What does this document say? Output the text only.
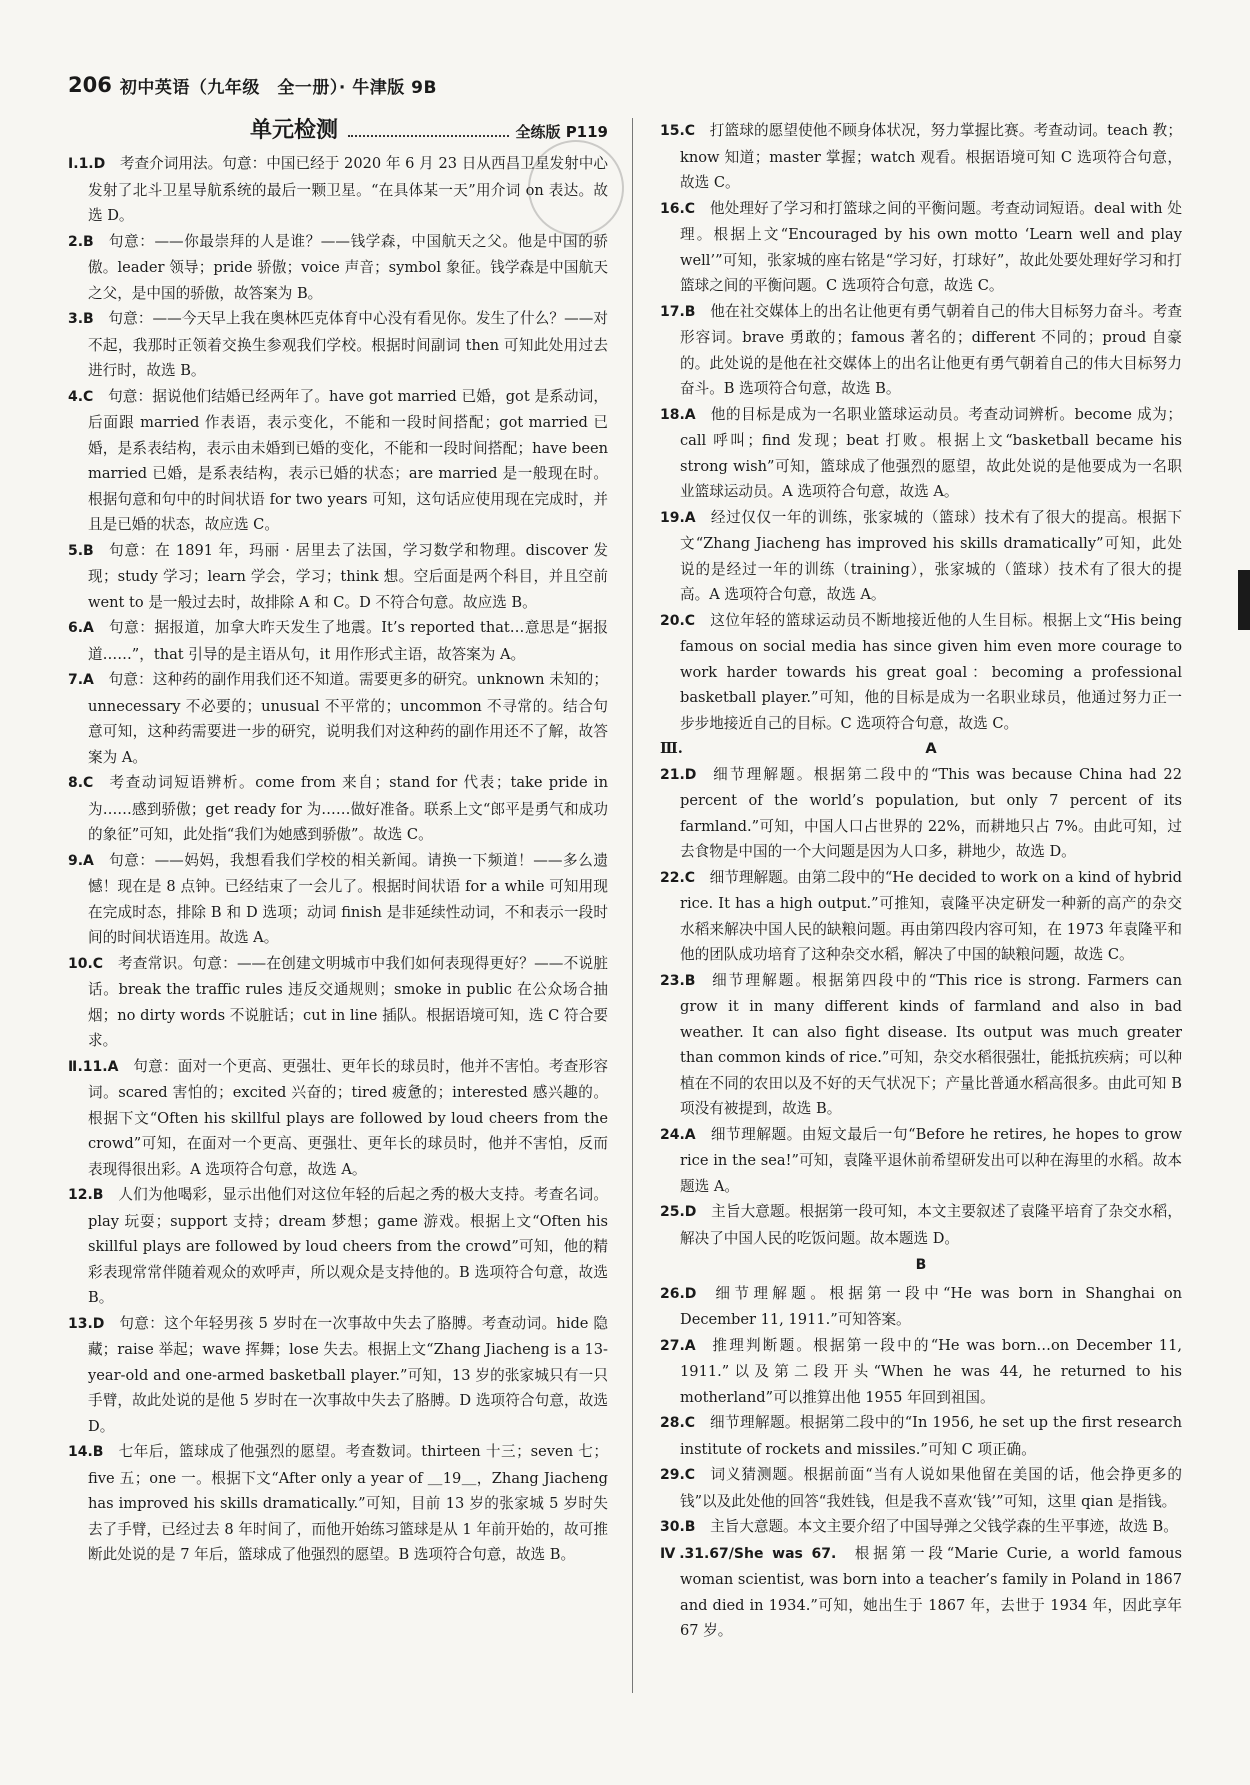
206 初中英语（九年级　全一册）· 牛津版 9B
单元检测	全练版 P119

Ⅰ.1.D 考查介词用法。句意：中国已经于 2020 年 6 月 23 日从西昌卫星发射中心发射了北斗卫星导航系统的最后一颗卫星。“在具体某一天”用介词 on 表达。故选 D。

2.B 句意：——你最崇拜的人是谁？——钱学森，中国航天之父。他是中国的骄傲。leader 领导；pride 骄傲；voice 声音；symbol 象征。钱学森是中国航天之父，是中国的骄傲，故答案为 B。

3.B 句意：——今天早上我在奥林匹克体育中心没有看见你。发生了什么？——对不起，我那时正领着交换生参观我们学校。根据时间副词 then 可知此处用过去进行时，故选 B。

4.C 句意：据说他们结婚已经两年了。have got married 已婚，got 是系动词，后面跟 married 作表语，表示变化，不能和一段时间搭配；got married 已婚，是系表结构，表示由未婚到已婚的变化，不能和一段时间搭配；have been married 已婚，是系表结构，表示已婚的状态；are married 是一般现在时。根据句意和句中的时间状语 for two years 可知，这句话应使用现在完成时，并且是已婚的状态，故应选 C。

5.B 句意：在 1891 年，玛丽 · 居里去了法国，学习数学和物理。discover 发现；study 学习；learn 学会，学习；think 想。空后面是两个科目，并且空前 went to 是一般过去时，故排除 A 和 C。D 不符合句意。故应选 B。

6.A 句意：据报道，加拿大昨天发生了地震。It’s reported that…意思是“据报道……”，that 引导的是主语从句，it 用作形式主语，故答案为 A。

7.A 句意：这种药的副作用我们还不知道。需要更多的研究。unknown 未知的；unnecessary 不必要的；unusual 不平常的；uncommon 不寻常的。结合句意可知，这种药需要进一步的研究，说明我们对这种药的副作用还不了解，故答案为 A。

8.C 考查动词短语辨析。come from 来自；stand for 代表；take pride in 为……感到骄傲；get ready for 为……做好准备。联系上文“郎平是勇气和成功的象征”可知，此处指“我们为她感到骄傲”。故选 C。

9.A 句意：——妈妈，我想看我们学校的相关新闻。请换一下频道！——多么遗憾！现在是 8 点钟。已经结束了一会儿了。根据时间状语 for a while 可知用现在完成时态，排除 B 和 D 选项；动词 finish 是非延续性动词，不和表示一段时间的时间状语连用。故选 A。

10.C 考查常识。句意：——在创建文明城市中我们如何表现得更好？——不说脏话。break the traffic rules 违反交通规则；smoke in public 在公众场合抽烟；no dirty words 不说脏话；cut in line 插队。根据语境可知，选 C 符合要求。

Ⅱ.11.A 句意：面对一个更高、更强壮、更年长的球员时，他并不害怕。考查形容词。scared 害怕的；excited 兴奋的；tired 疲惫的；interested 感兴趣的。根据下文“Often his skillful plays are followed by loud cheers from the crowd”可知，在面对一个更高、更强壮、更年长的球员时，他并不害怕，反而表现得很出彩。A 选项符合句意，故选 A。

12.B 人们为他喝彩，显示出他们对这位年轻的后起之秀的极大支持。考查名词。play 玩耍；support 支持；dream 梦想；game 游戏。根据上文“Often his skillful plays are followed by loud cheers from the crowd”可知，他的精彩表现常常伴随着观众的欢呼声，所以观众是支持他的。B 选项符合句意，故选 B。

13.D 句意：这个年轻男孩 5 岁时在一次事故中失去了胳膊。考查动词。hide 隐藏；raise 举起；wave 挥舞；lose 失去。根据上文“Zhang Jiacheng is a 13-year-old and one-armed basketball player.”可知，13 岁的张家城只有一只手臂，故此处说的是他 5 岁时在一次事故中失去了胳膊。D 选项符合句意，故选 D。

14.B 七年后，篮球成了他强烈的愿望。考查数词。thirteen 十三；seven 七；five 五；one 一。根据下文“After only a year of ＿19＿，Zhang Jiacheng has improved his skills dramatically.”可知，目前 13 岁的张家城 5 岁时失去了手臂，已经过去 8 年时间了，而他开始练习篮球是从 1 年前开始的，故可推断此处说的是 7 年后，篮球成了他强烈的愿望。B 选项符合句意，故选 B。

15.C 打篮球的愿望使他不顾身体状况，努力掌握比赛。考查动词。teach 教；know 知道；master 掌握；watch 观看。根据语境可知 C 选项符合句意，故选 C。

16.C 他处理好了学习和打篮球之间的平衡问题。考查动词短语。deal with 处理。根据上文“Encouraged by his own motto ‘Learn well and play well’”可知，张家城的座右铭是“学习好，打球好”，故此处要处理好学习和打篮球之间的平衡问题。C 选项符合句意，故选 C。

17.B 他在社交媒体上的出名让他更有勇气朝着自己的伟大目标努力奋斗。考查形容词。brave 勇敢的；famous 著名的；different 不同的；proud 自豪的。此处说的是他在社交媒体上的出名让他更有勇气朝着自己的伟大目标努力奋斗。B 选项符合句意，故选 B。

18.A 他的目标是成为一名职业篮球运动员。考查动词辨析。become 成为；call 呼叫；find 发现；beat 打败。根据上文“basketball became his strong wish”可知，篮球成了他强烈的愿望，故此处说的是他要成为一名职业篮球运动员。A 选项符合句意，故选 A。

19.A 经过仅仅一年的训练，张家城的（篮球）技术有了很大的提高。根据下文“Zhang Jiacheng has improved his skills dramatically”可知，此处说的是经过一年的训练（training），张家城的（篮球）技术有了很大的提高。A 选项符合句意，故选 A。

20.C 这位年轻的篮球运动员不断地接近他的人生目标。根据上文“His being famous on social media has since given him even more courage to work harder towards his great goal：becoming a professional basketball player.”可知，他的目标是成为一名职业球员，他通过努力正一步步地接近自己的目标。C 选项符合句意，故选 C。

Ⅲ.	A

21.D 细节理解题。根据第二段中的“This was because China had 22 percent of the world’s population, but only 7 percent of its farmland.”可知，中国人口占世界的 22%，而耕地只占 7%。由此可知，过去食物是中国的一个大问题是因为人口多，耕地少，故选 D。

22.C 细节理解题。由第二段中的“He decided to work on a kind of hybrid rice. It has a high output.”可推知，袁隆平决定研发一种新的高产的杂交水稻来解决中国人民的缺粮问题。再由第四段内容可知，在 1973 年袁隆平和他的团队成功培育了这种杂交水稻，解决了中国的缺粮问题，故选 C。

23.B 细节理解题。根据第四段中的“This rice is strong. Farmers can grow it in many different kinds of farmland and also in bad weather. It can also fight disease. Its output was much greater than common kinds of rice.”可知，杂交水稻很强壮，能抵抗疾病；可以种植在不同的农田以及不好的天气状况下；产量比普通水稻高很多。由此可知 B 项没有被提到，故选 B。

24.A 细节理解题。由短文最后一句“Before he retires, he hopes to grow rice in the sea!”可知，袁隆平退休前希望研发出可以种在海里的水稻。故本题选 A。

25.D 主旨大意题。根据第一段可知，本文主要叙述了袁隆平培育了杂交水稻，解决了中国人民的吃饭问题。故本题选 D。

B

26.D 细节理解题。根据第一段中“He was born in Shanghai on December 11, 1911.”可知答案。

27.A 推理判断题。根据第一段中的“He was born…on December 11, 1911.”以及第二段开头“When he was 44, he returned to his motherland”可以推算出他 1955 年回到祖国。

28.C 细节理解题。根据第二段中的“In 1956, he set up the first research institute of rockets and missiles.”可知 C 项正确。

29.C 词义猜测题。根据前面“当有人说如果他留在美国的话，他会挣更多的钱”以及此处他的回答“我姓钱，但是我不喜欢‘钱’”可知，这里 qian 是指钱。

30.B 主旨大意题。本文主要介绍了中国导弹之父钱学森的生平事迹，故选 B。

Ⅳ.31.67/She was 67. 根据第一段“Marie Curie, a world famous woman scientist, was born into a teacher’s family in Poland in 1867 and died in 1934.”可知，她出生于 1867 年，去世于 1934 年，因此享年 67 岁。
